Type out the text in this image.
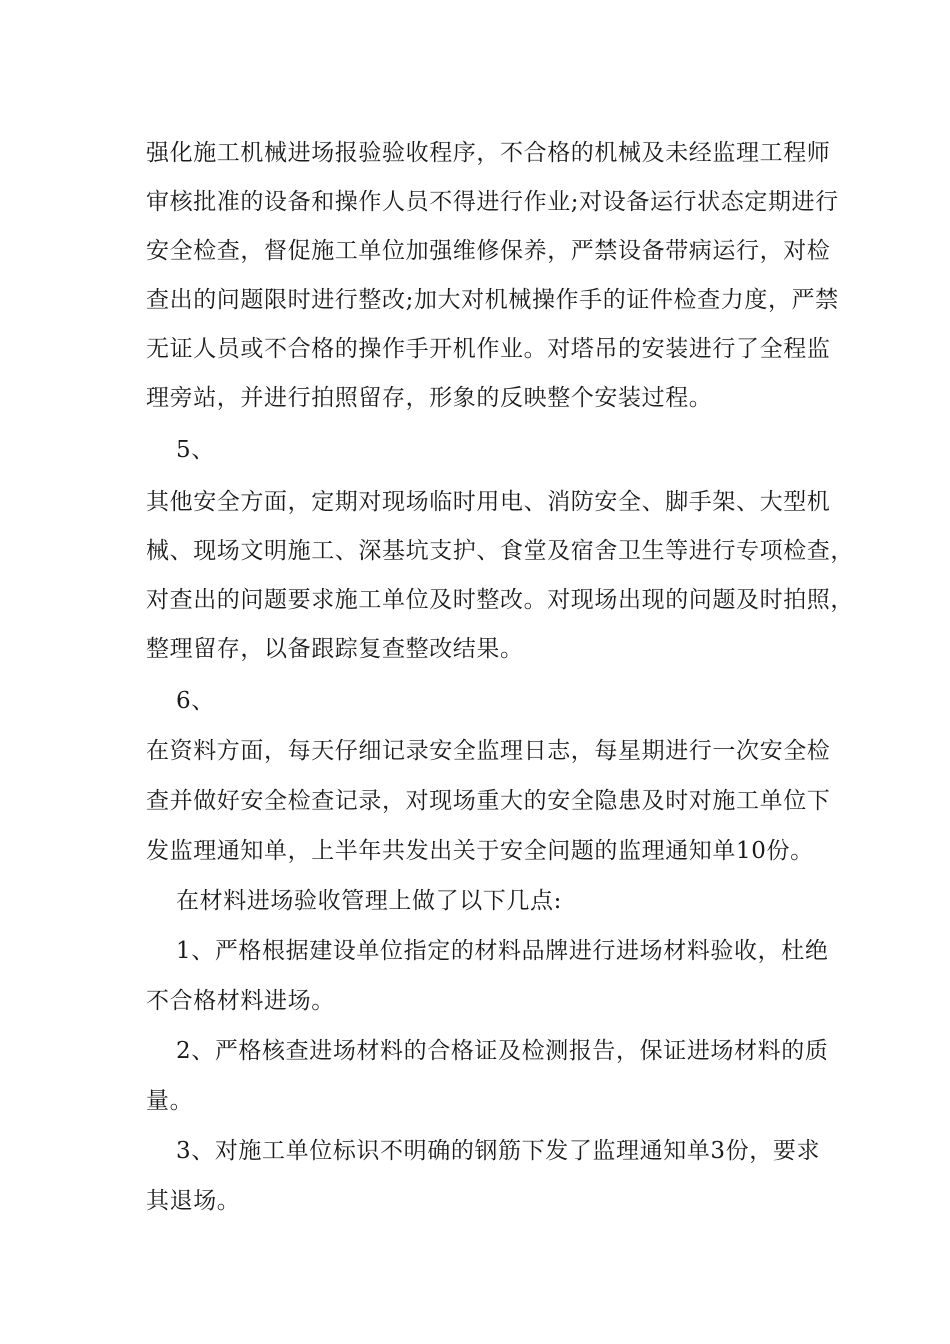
强化施工机械进场报验验收程序，不合格的机械及未经监理工程师
审核批准的设备和操作人员不得进行作业;对设备运行状态定期进行
安全检查，督促施工单位加强维修保养，严禁设备带病运行，对检
查出的问题限时进行整改;加大对机械操作手的证件检查力度，严禁
无证人员或不合格的操作手开机作业。对塔吊的安装进行了全程监
理旁站，并进行拍照留存，形象的反映整个安装过程。
5、
其他安全方面，定期对现场临时用电、消防安全、脚手架、大型机
械、现场文明施工、深基坑支护、食堂及宿舍卫生等进行专项检查，
对查出的问题要求施工单位及时整改。对现场出现的问题及时拍照，
整理留存，以备跟踪复查整改结果。
6、
在资料方面，每天仔细记录安全监理日志，每星期进行一次安全检
查并做好安全检查记录，对现场重大的安全隐患及时对施工单位下
发监理通知单，上半年共发出关于安全问题的监理通知单10份。
在材料进场验收管理上做了以下几点:
1、严格根据建设单位指定的材料品牌进行进场材料验收，杜绝
不合格材料进场。
2、严格核查进场材料的合格证及检测报告，保证进场材料的质
量。
3、对施工单位标识不明确的钢筋下发了监理通知单3份，要求
其退场。
